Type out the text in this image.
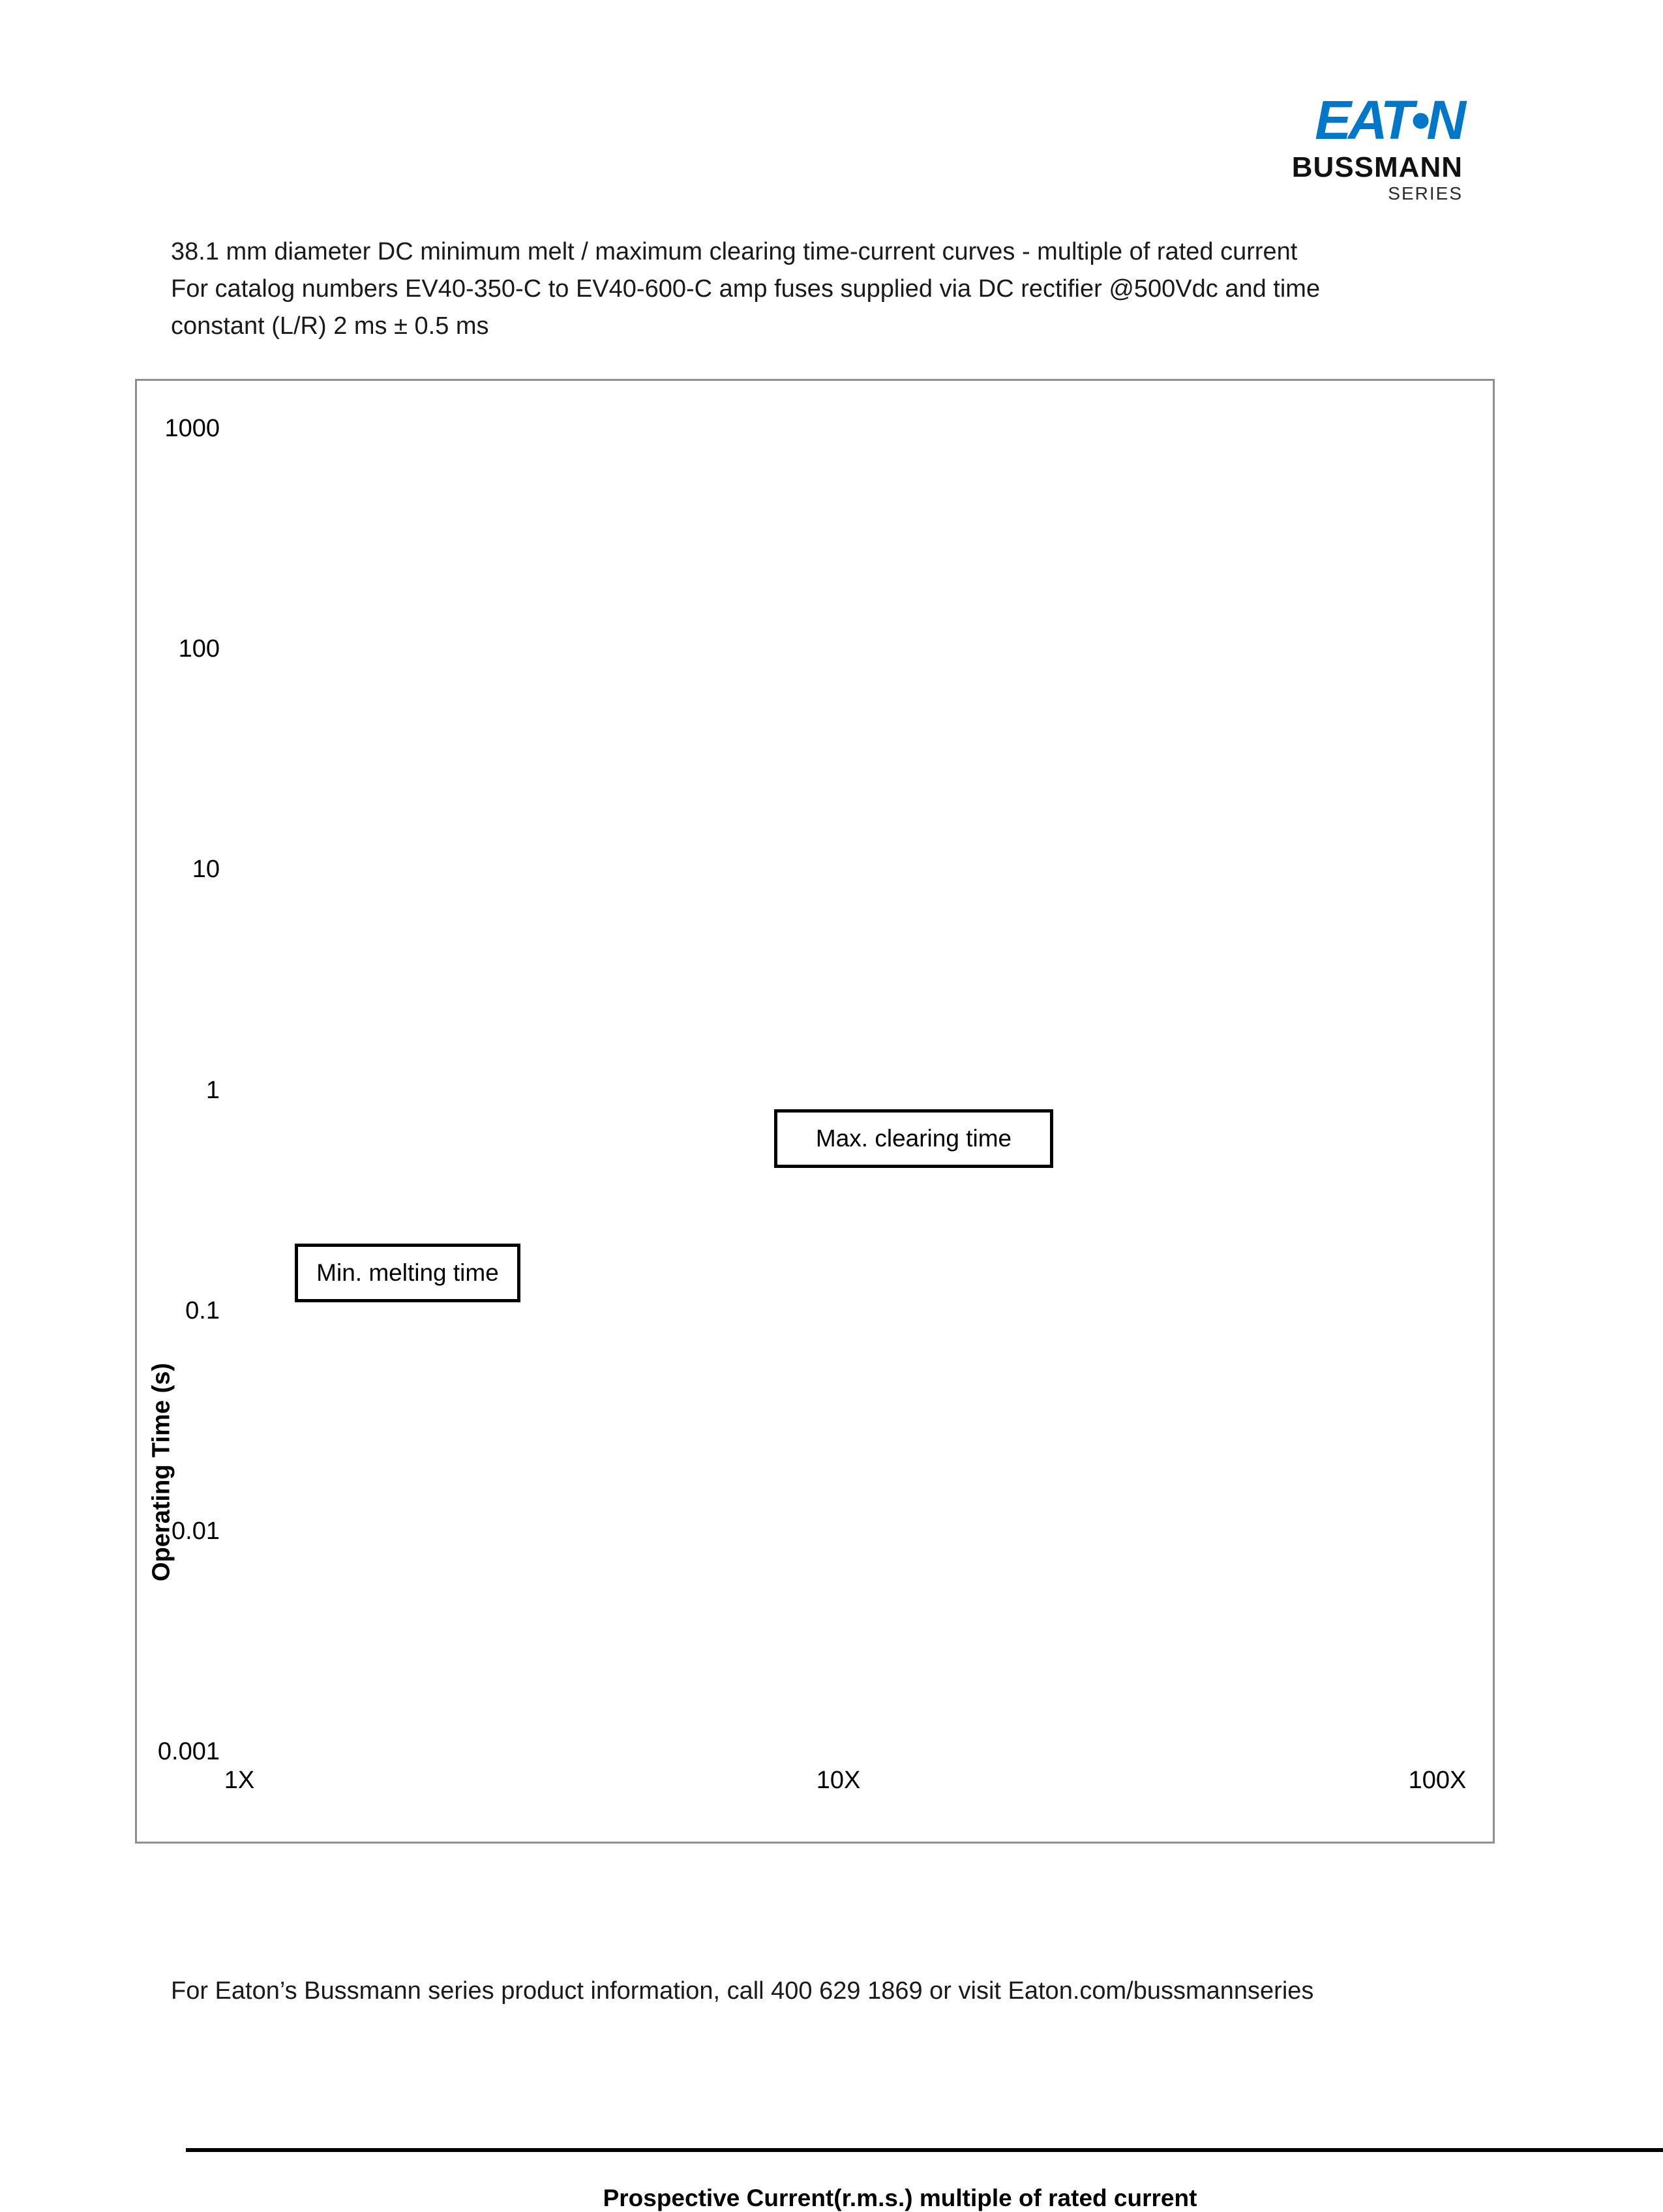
EAT•N
BUSSMANN
SERIES
38.1 mm diameter DC minimum melt / maximum clearing time-current curves - multiple of rated current
For catalog numbers EV40-350-C to EV40-600-C amp fuses supplied via DC rectifier @500Vdc and time
constant (L/R) 2 ms ± 0.5 ms
Operating Time (s)
Prospective Current(r.m.s.) multiple of rated current
1000
100
10
1
0.1
0.01
0.001
1X	10X	100X
Max. clearing time
Min. melting time
For Eaton’s Bussmann series product information, call 400 629 1869 or visit Eaton.com/bussmannseries
